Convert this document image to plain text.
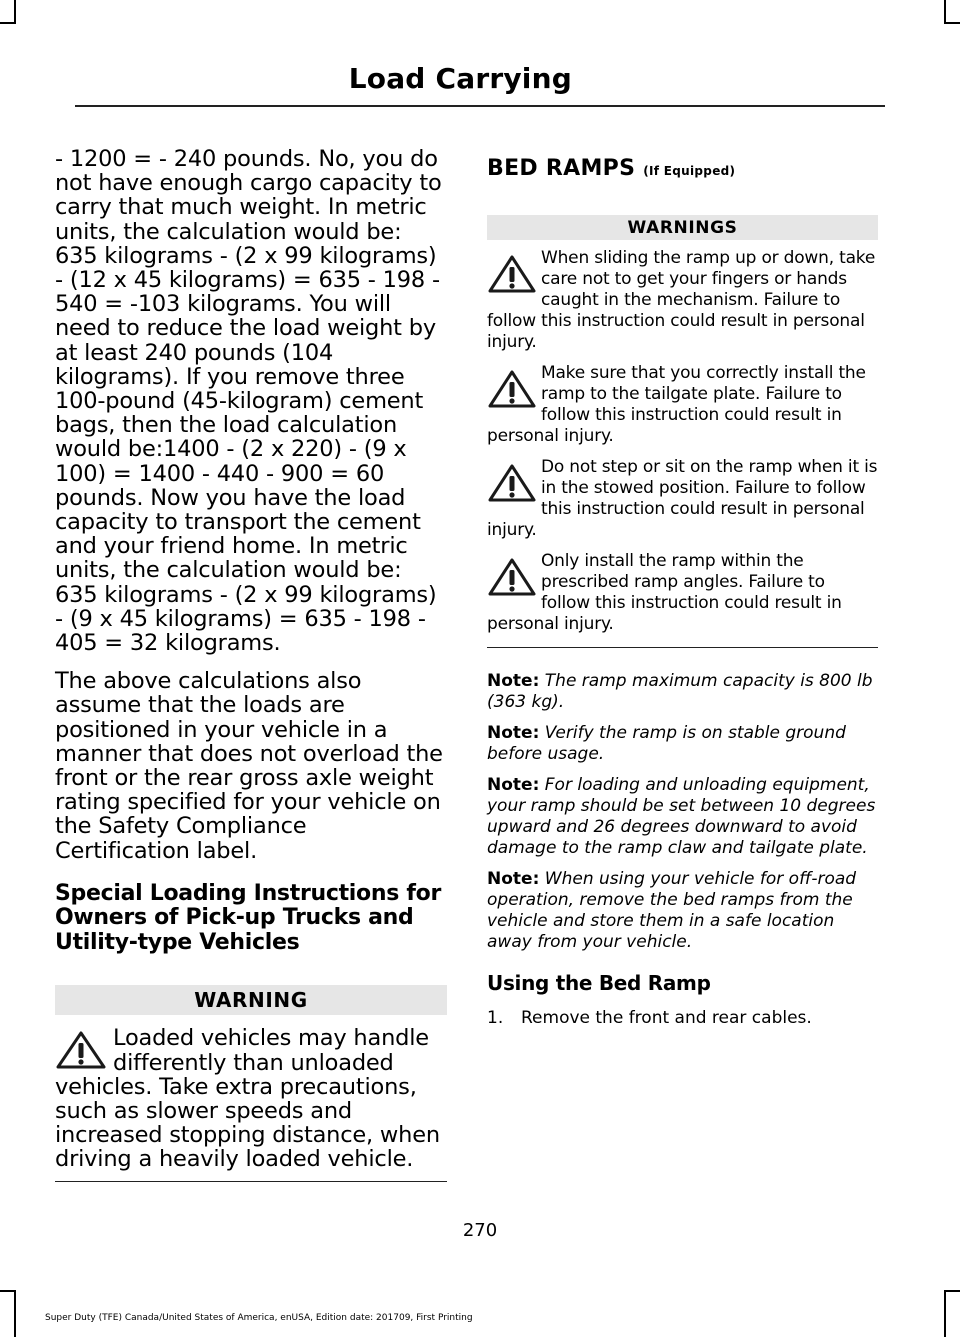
Load Carrying

- 1200 = - 240 pounds. No, you do not have enough cargo capacity to carry that much weight. In metric units, the calculation would be: 635 kilograms - (2 x 99 kilograms) - (12 x 45 kilograms) = 635 - 198 - 540 = -103 kilograms. You will need to reduce the load weight by at least 240 pounds (104 kilograms). If you remove three 100-pound (45-kilogram) cement bags, then the load calculation would be:1400 - (2 x 220) - (9 x 100) = 1400 - 440 - 900 = 60 pounds. Now you have the load capacity to transport the cement and your friend home. In metric units, the calculation would be: 635 kilograms - (2 x 99 kilograms) - (9 x 45 kilograms) = 635 - 198 - 405 = 32 kilograms.

The above calculations also assume that the loads are positioned in your vehicle in a manner that does not overload the front or the rear gross axle weight rating specified for your vehicle on the Safety Compliance Certification label.

Special Loading Instructions for Owners of Pick-up Trucks and Utility-type Vehicles

WARNING

Loaded vehicles may handle differently than unloaded vehicles. Take extra precautions, such as slower speeds and increased stopping distance, when driving a heavily loaded vehicle.

BED RAMPS (If Equipped)

WARNINGS

When sliding the ramp up or down, take care not to get your fingers or hands caught in the mechanism. Failure to follow this instruction could result in personal injury.

Make sure that you correctly install the ramp to the tailgate plate. Failure to follow this instruction could result in personal injury.

Do not step or sit on the ramp when it is in the stowed position. Failure to follow this instruction could result in personal injury.

Only install the ramp within the prescribed ramp angles. Failure to follow this instruction could result in personal injury.

Note: The ramp maximum capacity is 800 lb (363 kg).

Note: Verify the ramp is on stable ground before usage.

Note: For loading and unloading equipment, your ramp should be set between 10 degrees upward and 26 degrees downward to avoid damage to the ramp claw and tailgate plate.

Note: When using your vehicle for off-road operation, remove the bed ramps from the vehicle and store them in a safe location away from your vehicle.

Using the Bed Ramp

1. Remove the front and rear cables.

270
Super Duty (TFE) Canada/United States of America, enUSA, Edition date: 201709, First Printing
